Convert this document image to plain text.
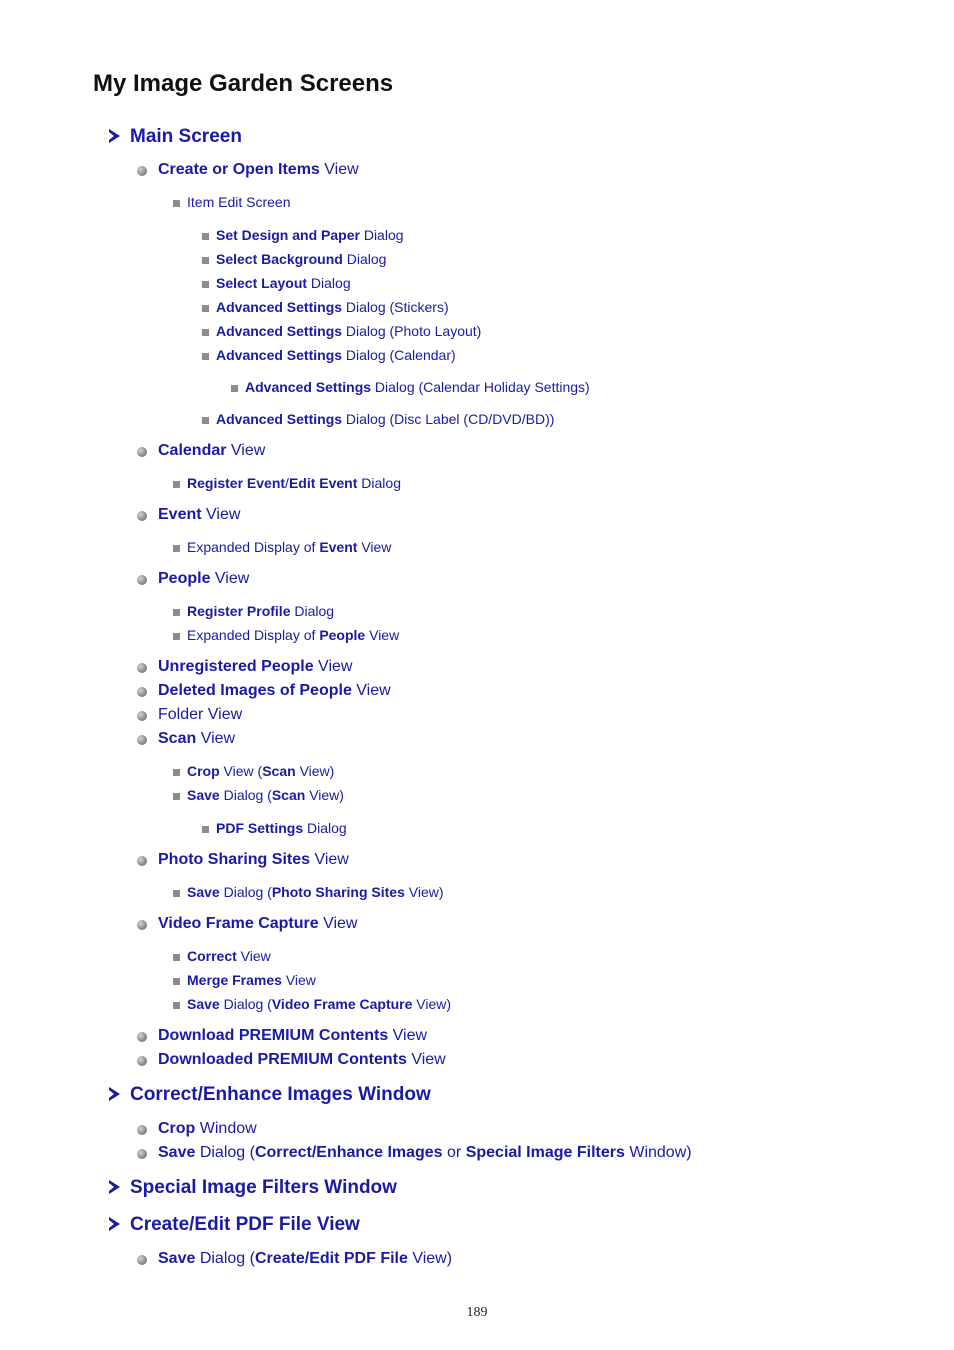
My Image Garden Screens
Main Screen
Create or Open Items View
Item Edit Screen
Set Design and Paper Dialog
Select Background Dialog
Select Layout Dialog
Advanced Settings Dialog (Stickers)
Advanced Settings Dialog (Photo Layout)
Advanced Settings Dialog (Calendar)
Advanced Settings Dialog (Calendar Holiday Settings)
Advanced Settings Dialog (Disc Label (CD/DVD/BD))
Calendar View
Register Event/Edit Event Dialog
Event View
Expanded Display of Event View
People View
Register Profile Dialog
Expanded Display of People View
Unregistered People View
Deleted Images of People View
Folder View
Scan View
Crop View (Scan View)
Save Dialog (Scan View)
PDF Settings Dialog
Photo Sharing Sites View
Save Dialog (Photo Sharing Sites View)
Video Frame Capture View
Correct View
Merge Frames View
Save Dialog (Video Frame Capture View)
Download PREMIUM Contents View
Downloaded PREMIUM Contents View
Correct/Enhance Images Window
Crop Window
Save Dialog (Correct/Enhance Images or Special Image Filters Window)
Special Image Filters Window
Create/Edit PDF File View
Save Dialog (Create/Edit PDF File View)
189
